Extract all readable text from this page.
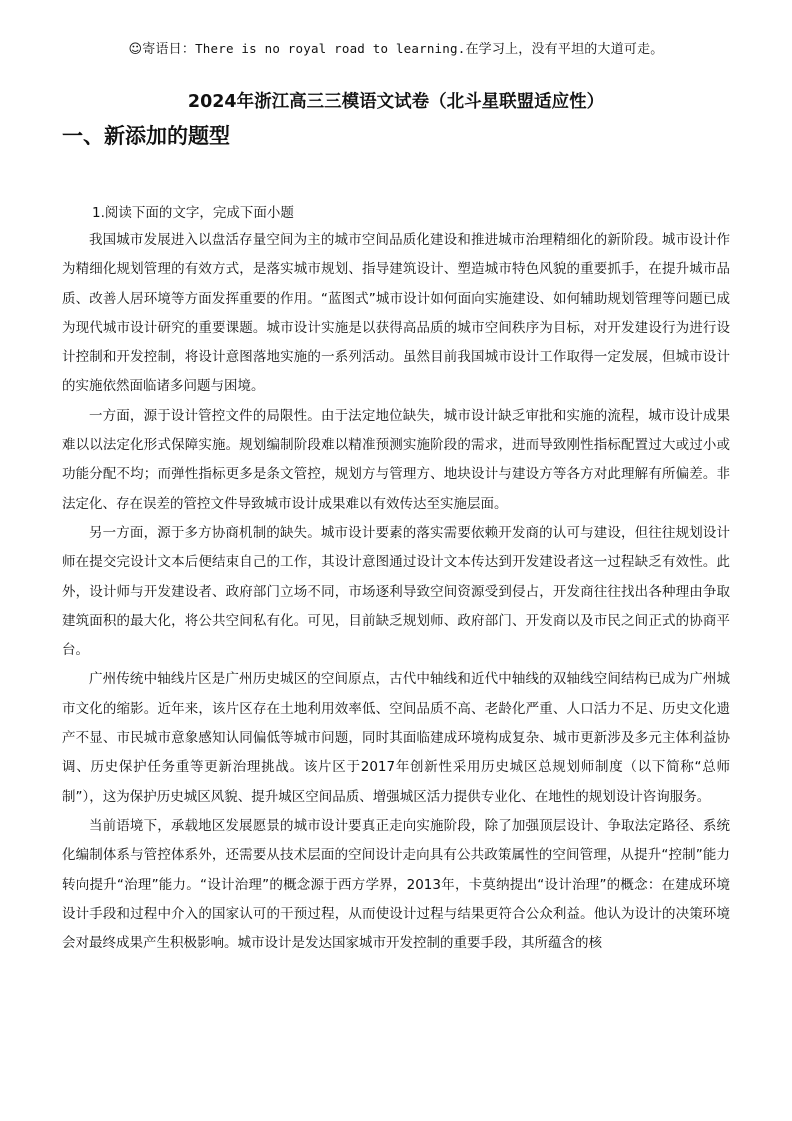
☺寄语日：There is no royal road to learning.在学习上，没有平坦的大道可走。
2024年浙江高三三模语文试卷（北斗星联盟适应性）
一、新添加的题型
1.阅读下面的文字，完成下面小题

我国城市发展进入以盘活存量空间为主的城市空间品质化建设和推进城市治理精细化的新阶段。城市设计作为精细化规划管理的有效方式，是落实城市规划、指导建筑设计、塑造城市特色风貌的重要抓手，在提升城市品质、改善人居环境等方面发挥重要的作用。“蓝图式”城市设计如何面向实施建设、如何辅助规划管理等问题已成为现代城市设计研究的重要课题。城市设计实施是以获得高品质的城市空间秩序为目标，对开发建设行为进行设计控制和开发控制，将设计意图落地实施的一系列活动。虽然目前我国城市设计工作取得一定发展，但城市设计的实施依然面临诸多问题与困境。

一方面，源于设计管控文件的局限性。由于法定地位缺失，城市设计缺乏审批和实施的流程，城市设计成果难以以法定化形式保障实施。规划编制阶段难以精准预测实施阶段的需求，进而导致刚性指标配置过大或过小或功能分配不均；而弹性指标更多是条文管控，规划方与管理方、地块设计与建设方等各方对此理解有所偏差。非法定化、存在误差的管控文件导致城市设计成果难以有效传达至实施层面。

另一方面，源于多方协商机制的缺失。城市设计要素的落实需要依赖开发商的认可与建设，但往往规划设计师在提交完设计文本后便结束自己的工作，其设计意图通过设计文本传达到开发建设者这一过程缺乏有效性。此外，设计师与开发建设者、政府部门立场不同，市场逐利导致空间资源受到侵占，开发商往往找出各种理由争取建筑面积的最大化，将公共空间私有化。可见，目前缺乏规划师、政府部门、开发商以及市民之间正式的协商平台。

广州传统中轴线片区是广州历史城区的空间原点，古代中轴线和近代中轴线的双轴线空间结构已成为广州城市文化的缩影。近年来，该片区存在土地利用效率低、空间品质不高、老龄化严重、人口活力不足、历史文化遗产不显、市民城市意象感知认同偏低等城市问题，同时其面临建成环境构成复杂、城市更新涉及多元主体利益协调、历史保护任务重等更新治理挑战。该片区于2017年创新性采用历史城区总规划师制度（以下简称“总师制”），这为保护历史城区风貌、提升城区空间品质、增强城区活力提供专业化、在地性的规划设计咨询服务。

当前语境下，承载地区发展愿景的城市设计要真正走向实施阶段，除了加强顶层设计、争取法定路径、系统化编制体系与管控体系外，还需要从技术层面的空间设计走向具有公共政策属性的空间管理，从提升“控制”能力转向提升“治理”能力。“设计治理”的概念源于西方学界，2013年，卡莫纳提出“设计治理”的概念：在建成环境设计手段和过程中介入的国家认可的干预过程，从而使设计过程与结果更符合公众利益。他认为设计的决策环境会对最终成果产生积极影响。城市设计是发达国家城市开发控制的重要手段，其所蕴含的核
